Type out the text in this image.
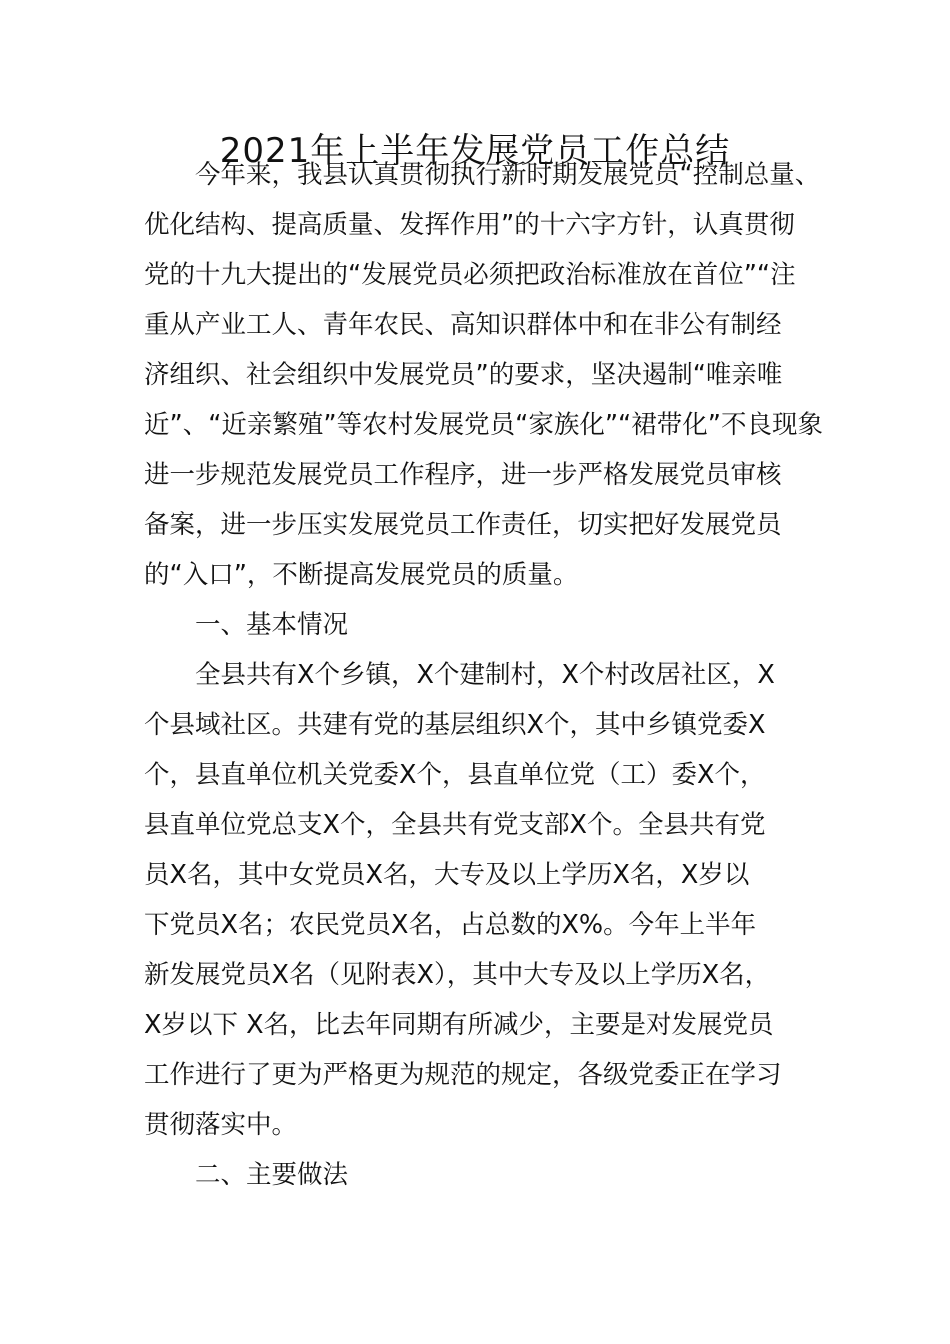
2021年上半年发展党员工作总结
今年来，我县认真贯彻执行新时期发展党员“控制总量、
优化结构、提高质量、发挥作用”的十六字方针，认真贯彻
党的十九大提出的“发展党员必须把政治标准放在首位”“注
重从产业工人、青年农民、高知识群体中和在非公有制经
济组织、社会组织中发展党员”的要求，坚决遏制“唯亲唯
近”、“近亲繁殖”等农村发展党员“家族化”“裙带化”不良现象
进一步规范发展党员工作程序，进一步严格发展党员审核
备案，进一步压实发展党员工作责任，切实把好发展党员
的“入口”，不断提高发展党员的质量。
一、基本情况
全县共有X个乡镇，X个建制村，X个村改居社区，X
个县域社区。共建有党的基层组织X个，其中乡镇党委X
个，县直单位机关党委X个，县直单位党（工）委X个，
县直单位党总支X个，全县共有党支部X个。全县共有党
员X名，其中女党员X名，大专及以上学历X名，X岁以
下党员X名；农民党员X名，占总数的X%。今年上半年
新发展党员X名（见附表X），其中大专及以上学历X名，
X岁以下 X名，比去年同期有所减少，主要是对发展党员
工作进行了更为严格更为规范的规定，各级党委正在学习
贯彻落实中。
二、主要做法
